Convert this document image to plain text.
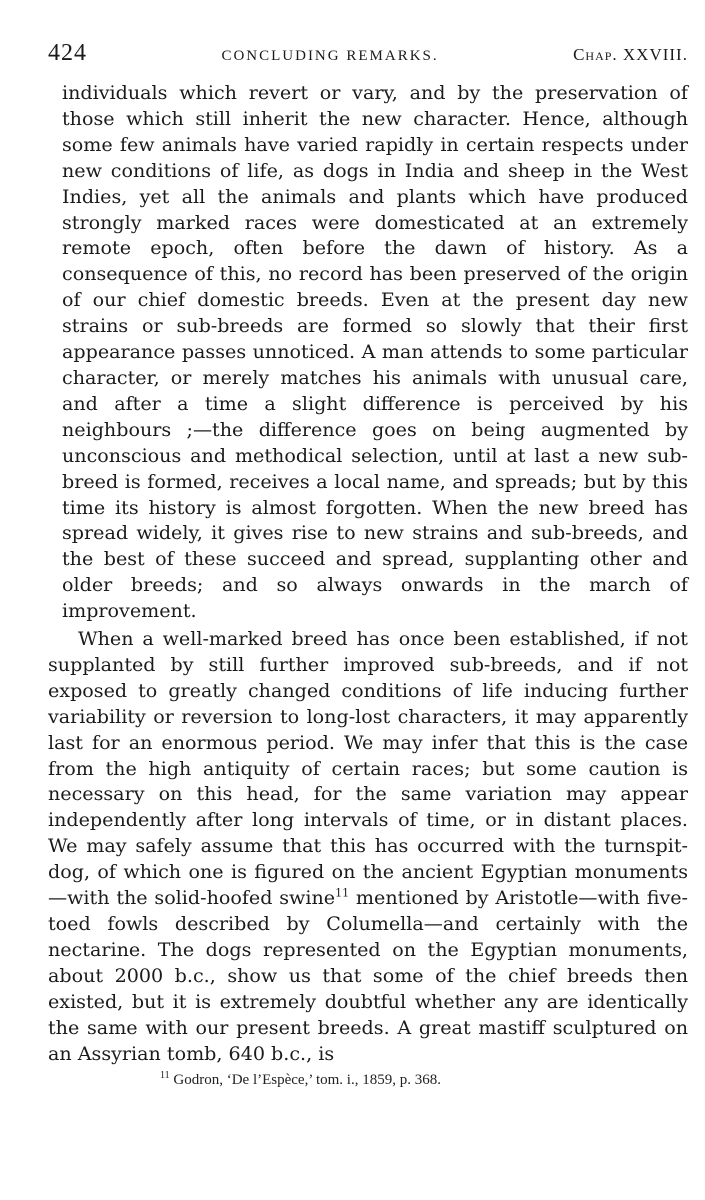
424	CONCLUDING REMARKS.	Chap. XXVIII.

individuals which revert or vary, and by the preservation of those which still inherit the new character. Hence, although some few animals have varied rapidly in certain respects under new conditions of life, as dogs in India and sheep in the West Indies, yet all the animals and plants which have produced strongly marked races were domesticated at an extremely remote epoch, often before the dawn of history. As a consequence of this, no record has been preserved of the origin of our chief domestic breeds. Even at the present day new strains or sub-breeds are formed so slowly that their first appearance passes unnoticed. A man attends to some particular character, or merely matches his animals with unusual care, and after a time a slight difference is perceived by his neighbours ;—the difference goes on being augmented by unconscious and methodical selection, until at last a new sub-breed is formed, receives a local name, and spreads; but by this time its history is almost forgotten. When the new breed has spread widely, it gives rise to new strains and sub-breeds, and the best of these succeed and spread, supplanting other and older breeds; and so always onwards in the march of improvement.

When a well-marked breed has once been established, if not supplanted by still further improved sub-breeds, and if not exposed to greatly changed conditions of life inducing further variability or reversion to long-lost characters, it may apparently last for an enormous period. We may infer that this is the case from the high antiquity of certain races; but some caution is necessary on this head, for the same variation may appear independently after long intervals of time, or in distant places. We may safely assume that this has occurred with the turnspit-dog, of which one is figured on the ancient Egyptian monuments—with the solid-hoofed swine$^{11}$ mentioned by Aristotle—with five-toed fowls described by Columella—and certainly with the nectarine. The dogs represented on the Egyptian monuments, about 2000 b.c., show us that some of the chief breeds then existed, but it is extremely doubtful whether any are identically the same with our present breeds. A great mastiff sculptured on an Assyrian tomb, 640 b.c., is

$^{11}$ Godron, ‘De l’Espèce,’ tom. i., 1859, p. 368.
